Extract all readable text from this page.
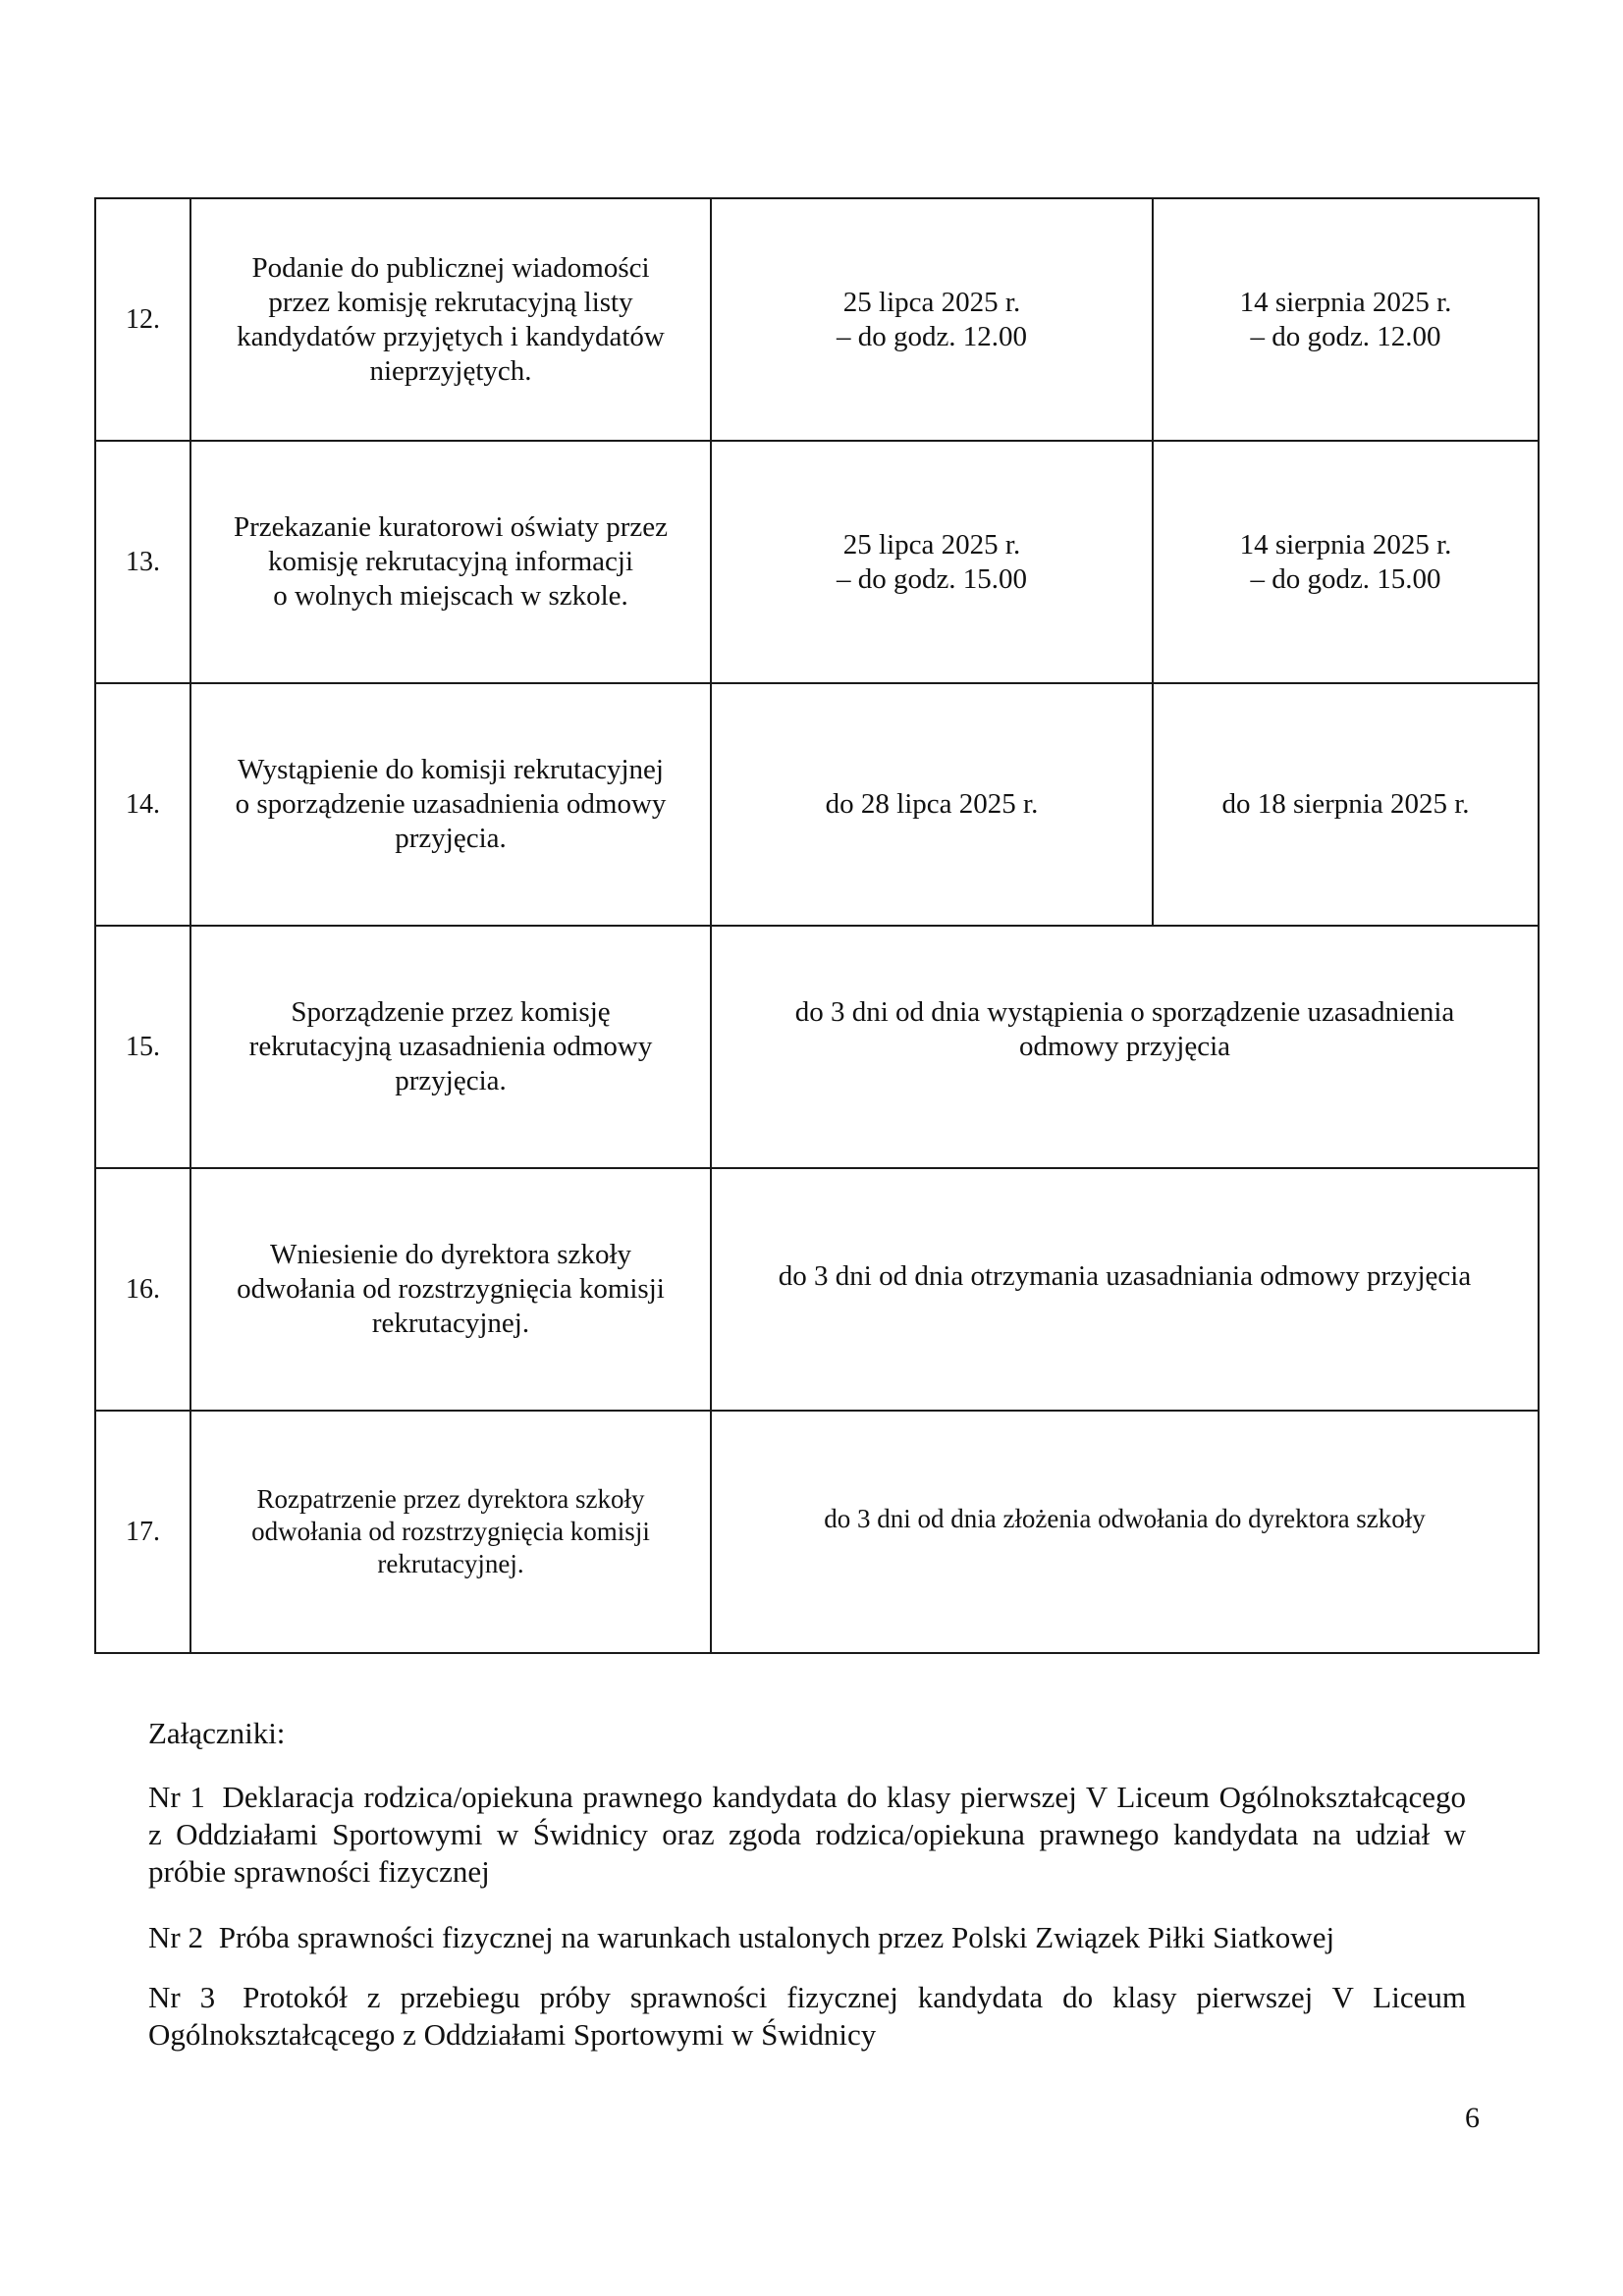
12.	Podanie do publicznej wiadomości
przez komisję rekrutacyjną listy
kandydatów przyjętych i kandydatów
nieprzyjętych.	25 lipca 2025 r.
– do godz. 12.00	14 sierpnia 2025 r.
– do godz. 12.00

13.	Przekazanie kuratorowi oświaty przez
komisję rekrutacyjną informacji
o wolnych miejscach w szkole.	25 lipca 2025 r.
– do godz. 15.00	14 sierpnia 2025 r.
– do godz. 15.00

14.	Wystąpienie do komisji rekrutacyjnej
o sporządzenie uzasadnienia odmowy
przyjęcia.	do 28 lipca 2025 r.	do 18 sierpnia 2025 r.

15.	Sporządzenie przez komisję
rekrutacyjną uzasadnienia odmowy
przyjęcia.	do 3 dni od dnia wystąpienia o sporządzenie uzasadnienia
odmowy przyjęcia	

16.	Wniesienie do dyrektora szkoły
odwołania od rozstrzygnięcia komisji
rekrutacyjnej.	do 3 dni od dnia otrzymania uzasadniania odmowy przyjęcia	

17.	Rozpatrzenie przez dyrektora szkoły
odwołania od rozstrzygnięcia komisji
rekrutacyjnej.	do 3 dni od dnia złożenia odwołania do dyrektora szkoły	

Załączniki:

Nr 1 Deklaracja rodzica/opiekuna prawnego kandydata do klasy pierwszej V Liceum Ogólnokształcącego z Oddziałami Sportowymi w Świdnicy oraz zgoda rodzica/opiekuna prawnego kandydata na udział w próbie sprawności fizycznej

Nr 2 Próba sprawności fizycznej na warunkach ustalonych przez Polski Związek Piłki Siatkowej

Nr 3 Protokół z przebiegu próby sprawności fizycznej kandydata do klasy pierwszej V Liceum Ogólnokształcącego z Oddziałami Sportowymi w Świdnicy

6
